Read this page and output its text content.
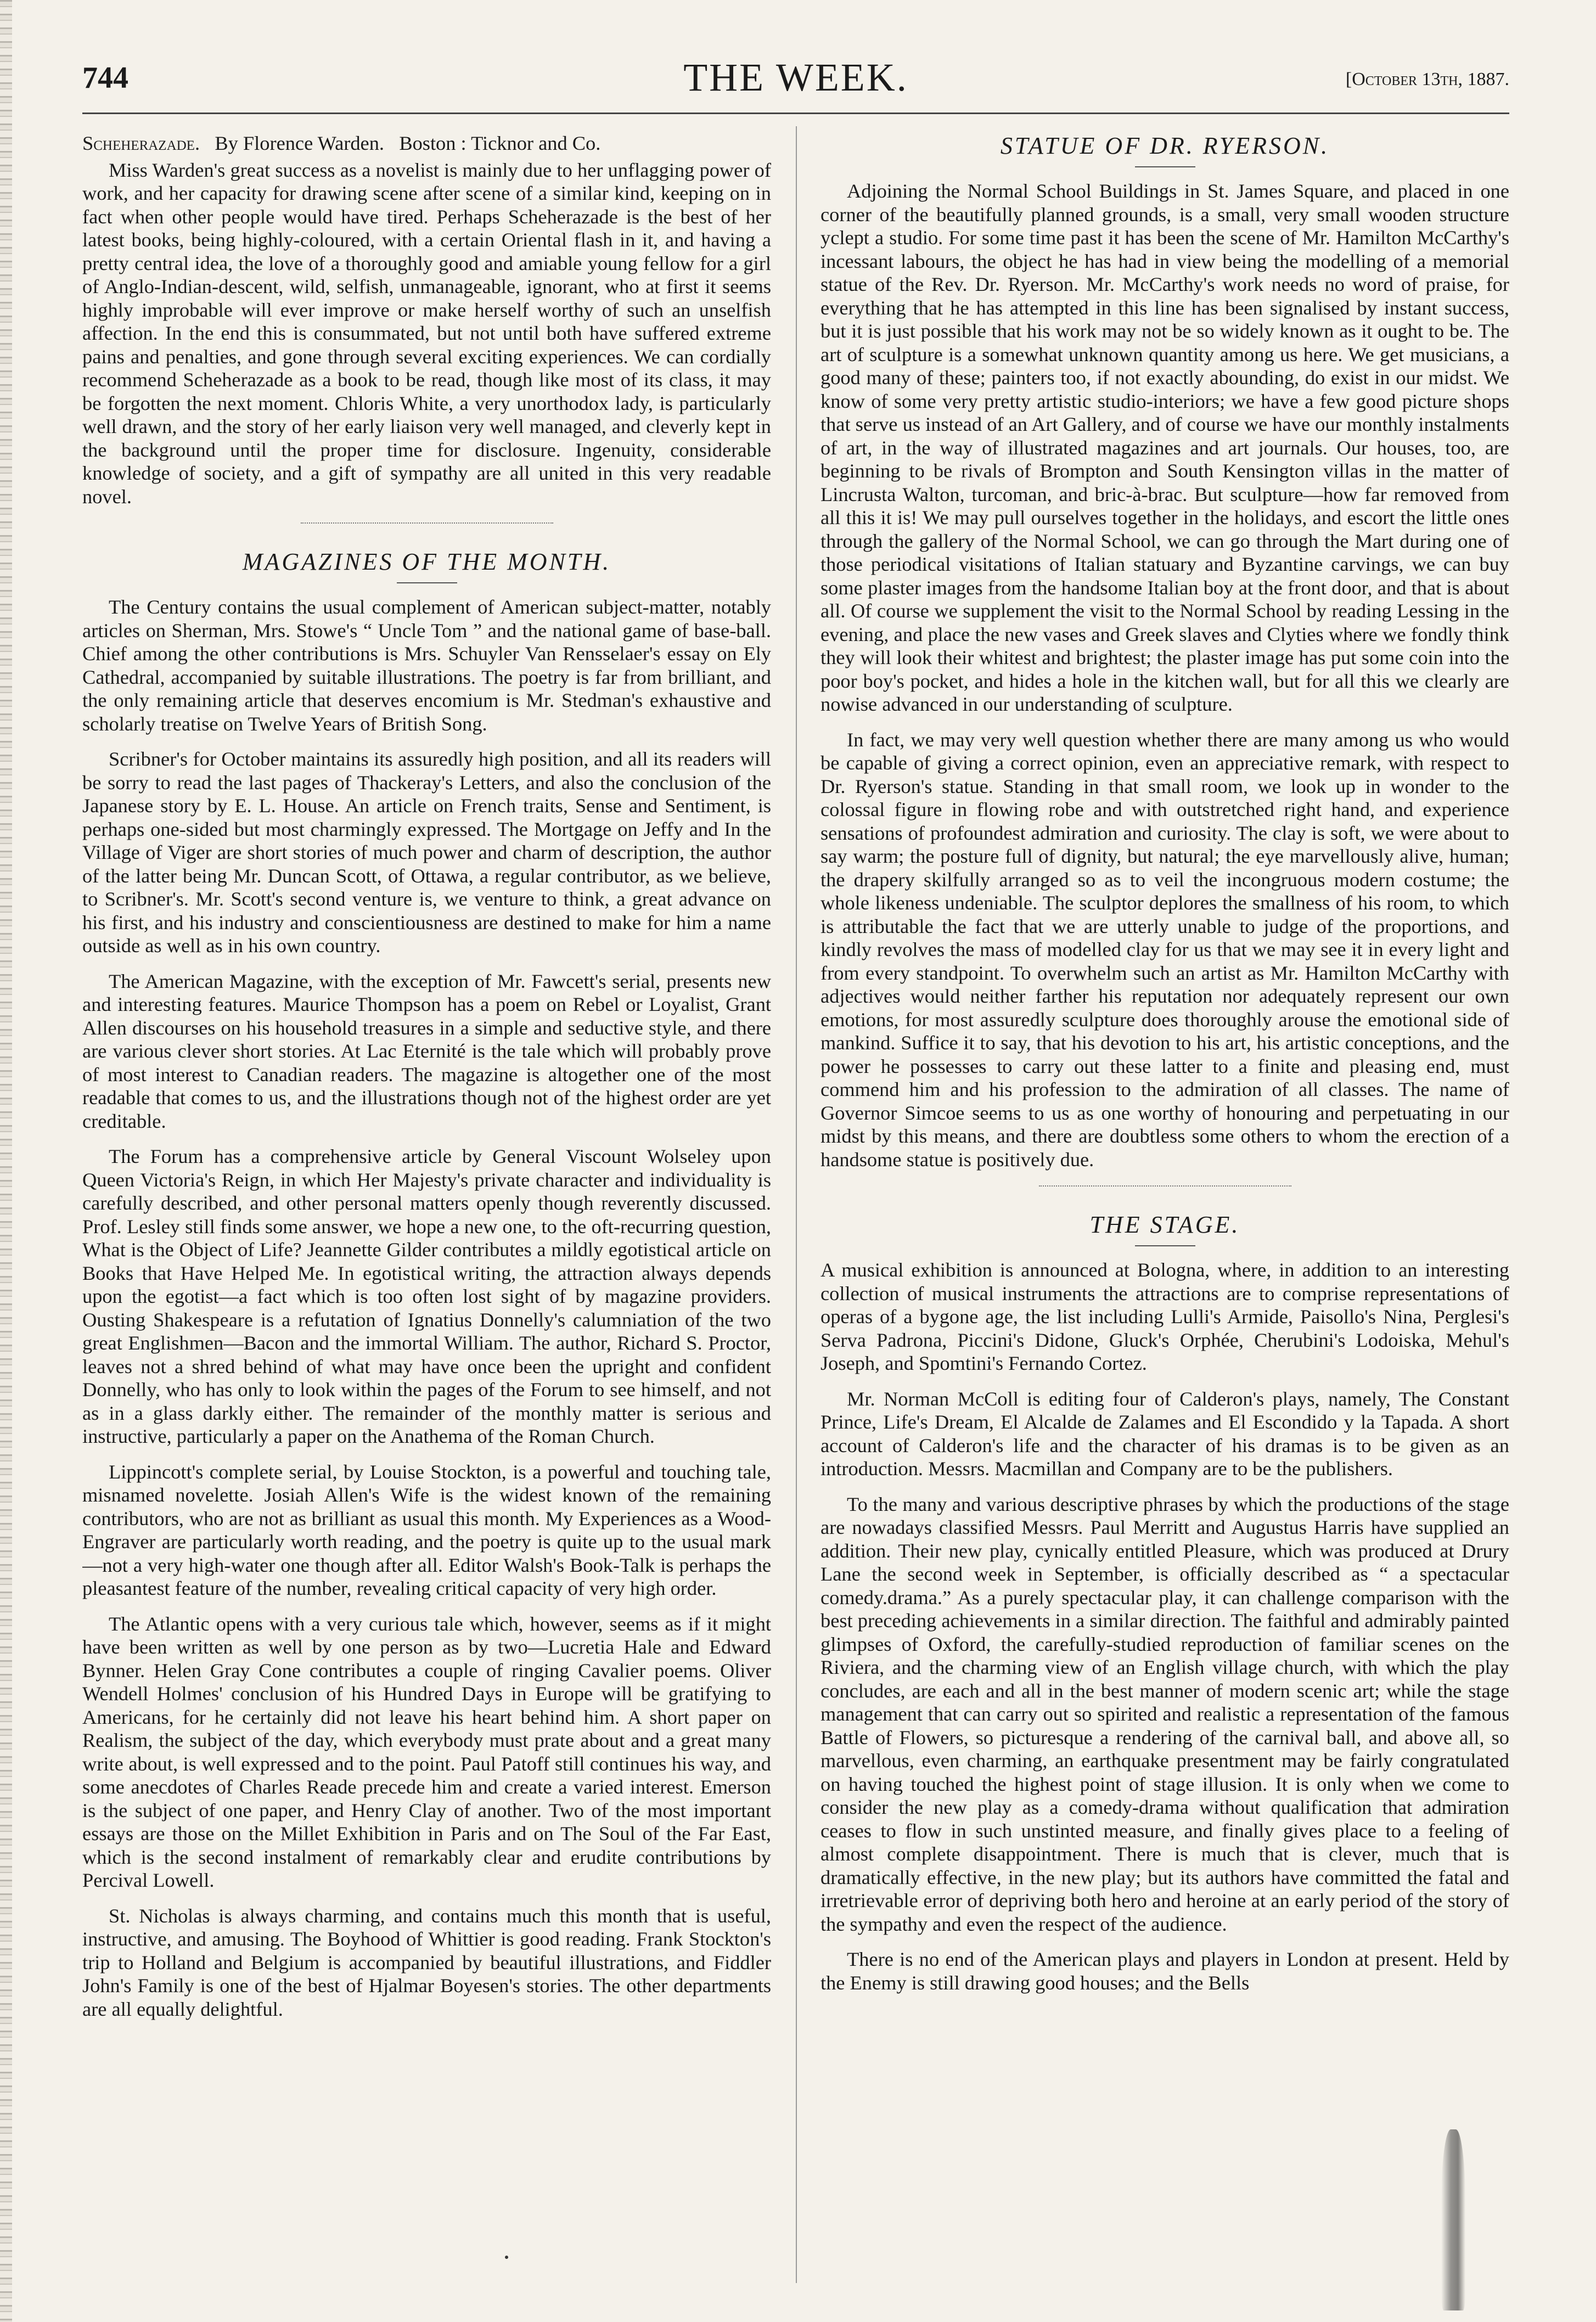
744	THE WEEK.	[October 13th, 1887.
Scheherazade. By Florence Warden. Boston : Ticknor and Co.

Miss Warden's great success as a novelist is mainly due to her unflagging power of work, and her capacity for drawing scene after scene of a similar kind, keeping on in fact when other people would have tired. Perhaps Scheherazade is the best of her latest books, being highly-coloured, with a certain Oriental flash in it, and having a pretty central idea, the love of a thoroughly good and amiable young fellow for a girl of Anglo-Indian-descent, wild, selfish, unmanageable, ignorant, who at first it seems highly improbable will ever improve or make herself worthy of such an unselfish affection. In the end this is consummated, but not until both have suffered extreme pains and penalties, and gone through several exciting experiences. We can cordially recommend Scheherazade as a book to be read, though like most of its class, it may be forgotten the next moment. Chloris White, a very unorthodox lady, is particularly well drawn, and the story of her early liaison very well managed, and cleverly kept in the background until the proper time for disclosure. Ingenuity, considerable knowledge of society, and a gift of sympathy are all united in this very readable novel.

MAGAZINES OF THE MONTH.

The Century contains the usual complement of American subject-matter, notably articles on Sherman, Mrs. Stowe's “ Uncle Tom ” and the national game of base-ball. Chief among the other contributions is Mrs. Schuyler Van Rensselaer's essay on Ely Cathedral, accompanied by suitable illustrations. The poetry is far from brilliant, and the only remaining article that deserves encomium is Mr. Stedman's exhaustive and scholarly treatise on Twelve Years of British Song.

Scribner's for October maintains its assuredly high position, and all its readers will be sorry to read the last pages of Thackeray's Letters, and also the conclusion of the Japanese story by E. L. House. An article on French traits, Sense and Sentiment, is perhaps one-sided but most charmingly expressed. The Mortgage on Jeffy and In the Village of Viger are short stories of much power and charm of description, the author of the latter being Mr. Duncan Scott, of Ottawa, a regular contributor, as we believe, to Scribner's. Mr. Scott's second venture is, we venture to think, a great advance on his first, and his industry and conscientiousness are destined to make for him a name outside as well as in his own country.

The American Magazine, with the exception of Mr. Fawcett's serial, presents new and interesting features. Maurice Thompson has a poem on Rebel or Loyalist, Grant Allen discourses on his household treasures in a simple and seductive style, and there are various clever short stories. At Lac Eternité is the tale which will probably prove of most interest to Canadian readers. The magazine is altogether one of the most readable that comes to us, and the illustrations though not of the highest order are yet creditable.

The Forum has a comprehensive article by General Viscount Wolseley upon Queen Victoria's Reign, in which Her Majesty's private character and individuality is carefully described, and other personal matters openly though reverently discussed. Prof. Lesley still finds some answer, we hope a new one, to the oft-recurring question, What is the Object of Life? Jeannette Gilder contributes a mildly egotistical article on Books that Have Helped Me. In egotistical writing, the attraction always depends upon the egotist—a fact which is too often lost sight of by magazine providers. Ousting Shakespeare is a refutation of Ignatius Donnelly's calumniation of the two great Englishmen—Bacon and the immortal William. The author, Richard S. Proctor, leaves not a shred behind of what may have once been the upright and confident Donnelly, who has only to look within the pages of the Forum to see himself, and not as in a glass darkly either. The remainder of the monthly matter is serious and instructive, particularly a paper on the Anathema of the Roman Church.

Lippincott's complete serial, by Louise Stockton, is a powerful and touching tale, misnamed novelette. Josiah Allen's Wife is the widest known of the remaining contributors, who are not as brilliant as usual this month. My Experiences as a Wood-Engraver are particularly worth reading, and the poetry is quite up to the usual mark—not a very high-water one though after all. Editor Walsh's Book-Talk is perhaps the pleasantest feature of the number, revealing critical capacity of very high order.

The Atlantic opens with a very curious tale which, however, seems as if it might have been written as well by one person as by two—Lucretia Hale and Edward Bynner. Helen Gray Cone contributes a couple of ringing Cavalier poems. Oliver Wendell Holmes' conclusion of his Hundred Days in Europe will be gratifying to Americans, for he certainly did not leave his heart behind him. A short paper on Realism, the subject of the day, which everybody must prate about and a great many write about, is well expressed and to the point. Paul Patoff still continues his way, and some anecdotes of Charles Reade precede him and create a varied interest. Emerson is the subject of one paper, and Henry Clay of another. Two of the most important essays are those on the Millet Exhibition in Paris and on The Soul of the Far East, which is the second instalment of remarkably clear and erudite contributions by Percival Lowell.

St. Nicholas is always charming, and contains much this month that is useful, instructive, and amusing. The Boyhood of Whittier is good reading. Frank Stockton's trip to Holland and Belgium is accompanied by beautiful illustrations, and Fiddler John's Family is one of the best of Hjalmar Boyesen's stories. The other departments are all equally delightful.

STATUE OF DR. RYERSON.

Adjoining the Normal School Buildings in St. James Square, and placed in one corner of the beautifully planned grounds, is a small, very small wooden structure yclept a studio. For some time past it has been the scene of Mr. Hamilton McCarthy's incessant labours, the object he has had in view being the modelling of a memorial statue of the Rev. Dr. Ryerson. Mr. McCarthy's work needs no word of praise, for everything that he has attempted in this line has been signalised by instant success, but it is just possible that his work may not be so widely known as it ought to be. The art of sculpture is a somewhat unknown quantity among us here. We get musicians, a good many of these; painters too, if not exactly abounding, do exist in our midst. We know of some very pretty artistic studio-interiors; we have a few good picture shops that serve us instead of an Art Gallery, and of course we have our monthly instalments of art, in the way of illustrated magazines and art journals. Our houses, too, are beginning to be rivals of Brompton and South Kensington villas in the matter of Lincrusta Walton, turcoman, and bric-à-brac. But sculpture—how far removed from all this it is! We may pull ourselves together in the holidays, and escort the little ones through the gallery of the Normal School, we can go through the Mart during one of those periodical visitations of Italian statuary and Byzantine carvings, we can buy some plaster images from the handsome Italian boy at the front door, and that is about all. Of course we supplement the visit to the Normal School by reading Lessing in the evening, and place the new vases and Greek slaves and Clyties where we fondly think they will look their whitest and brightest; the plaster image has put some coin into the poor boy's pocket, and hides a hole in the kitchen wall, but for all this we clearly are nowise advanced in our understanding of sculpture.

In fact, we may very well question whether there are many among us who would be capable of giving a correct opinion, even an appreciative remark, with respect to Dr. Ryerson's statue. Standing in that small room, we look up in wonder to the colossal figure in flowing robe and with outstretched right hand, and experience sensations of profoundest admiration and curiosity. The clay is soft, we were about to say warm; the posture full of dignity, but natural; the eye marvellously alive, human; the drapery skilfully arranged so as to veil the incongruous modern costume; the whole likeness undeniable. The sculptor deplores the smallness of his room, to which is attributable the fact that we are utterly unable to judge of the proportions, and kindly revolves the mass of modelled clay for us that we may see it in every light and from every standpoint. To overwhelm such an artist as Mr. Hamilton McCarthy with adjectives would neither farther his reputation nor adequately represent our own emotions, for most assuredly sculpture does thoroughly arouse the emotional side of mankind. Suffice it to say, that his devotion to his art, his artistic conceptions, and the power he possesses to carry out these latter to a finite and pleasing end, must commend him and his profession to the admiration of all classes. The name of Governor Simcoe seems to us as one worthy of honouring and perpetuating in our midst by this means, and there are doubtless some others to whom the erection of a handsome statue is positively due.

THE STAGE.

A musical exhibition is announced at Bologna, where, in addition to an interesting collection of musical instruments the attractions are to comprise representations of operas of a bygone age, the list including Lulli's Armide, Paisollo's Nina, Perglesi's Serva Padrona, Piccini's Didone, Gluck's Orphée, Cherubini's Lodoiska, Mehul's Joseph, and Spomtini's Fernando Cortez.

Mr. Norman McColl is editing four of Calderon's plays, namely, The Constant Prince, Life's Dream, El Alcalde de Zalames and El Escondido y la Tapada. A short account of Calderon's life and the character of his dramas is to be given as an introduction. Messrs. Macmillan and Company are to be the publishers.

To the many and various descriptive phrases by which the productions of the stage are nowadays classified Messrs. Paul Merritt and Augustus Harris have supplied an addition. Their new play, cynically entitled Pleasure, which was produced at Drury Lane the second week in September, is officially described as “ a spectacular comedy.drama.” As a purely spectacular play, it can challenge comparison with the best preceding achievements in a similar direction. The faithful and admirably painted glimpses of Oxford, the carefully-studied reproduction of familiar scenes on the Riviera, and the charming view of an English village church, with which the play concludes, are each and all in the best manner of modern scenic art; while the stage management that can carry out so spirited and realistic a representation of the famous Battle of Flowers, so picturesque a rendering of the carnival ball, and above all, so marvellous, even charming, an earthquake presentment may be fairly congratulated on having touched the highest point of stage illusion. It is only when we come to consider the new play as a comedy-drama without qualification that admiration ceases to flow in such unstinted measure, and finally gives place to a feeling of almost complete disappointment. There is much that is clever, much that is dramatically effective, in the new play; but its authors have committed the fatal and irretrievable error of depriving both hero and heroine at an early period of the story of the sympathy and even the respect of the audience.

There is no end of the American plays and players in London at present. Held by the Enemy is still drawing good houses; and the Bells
